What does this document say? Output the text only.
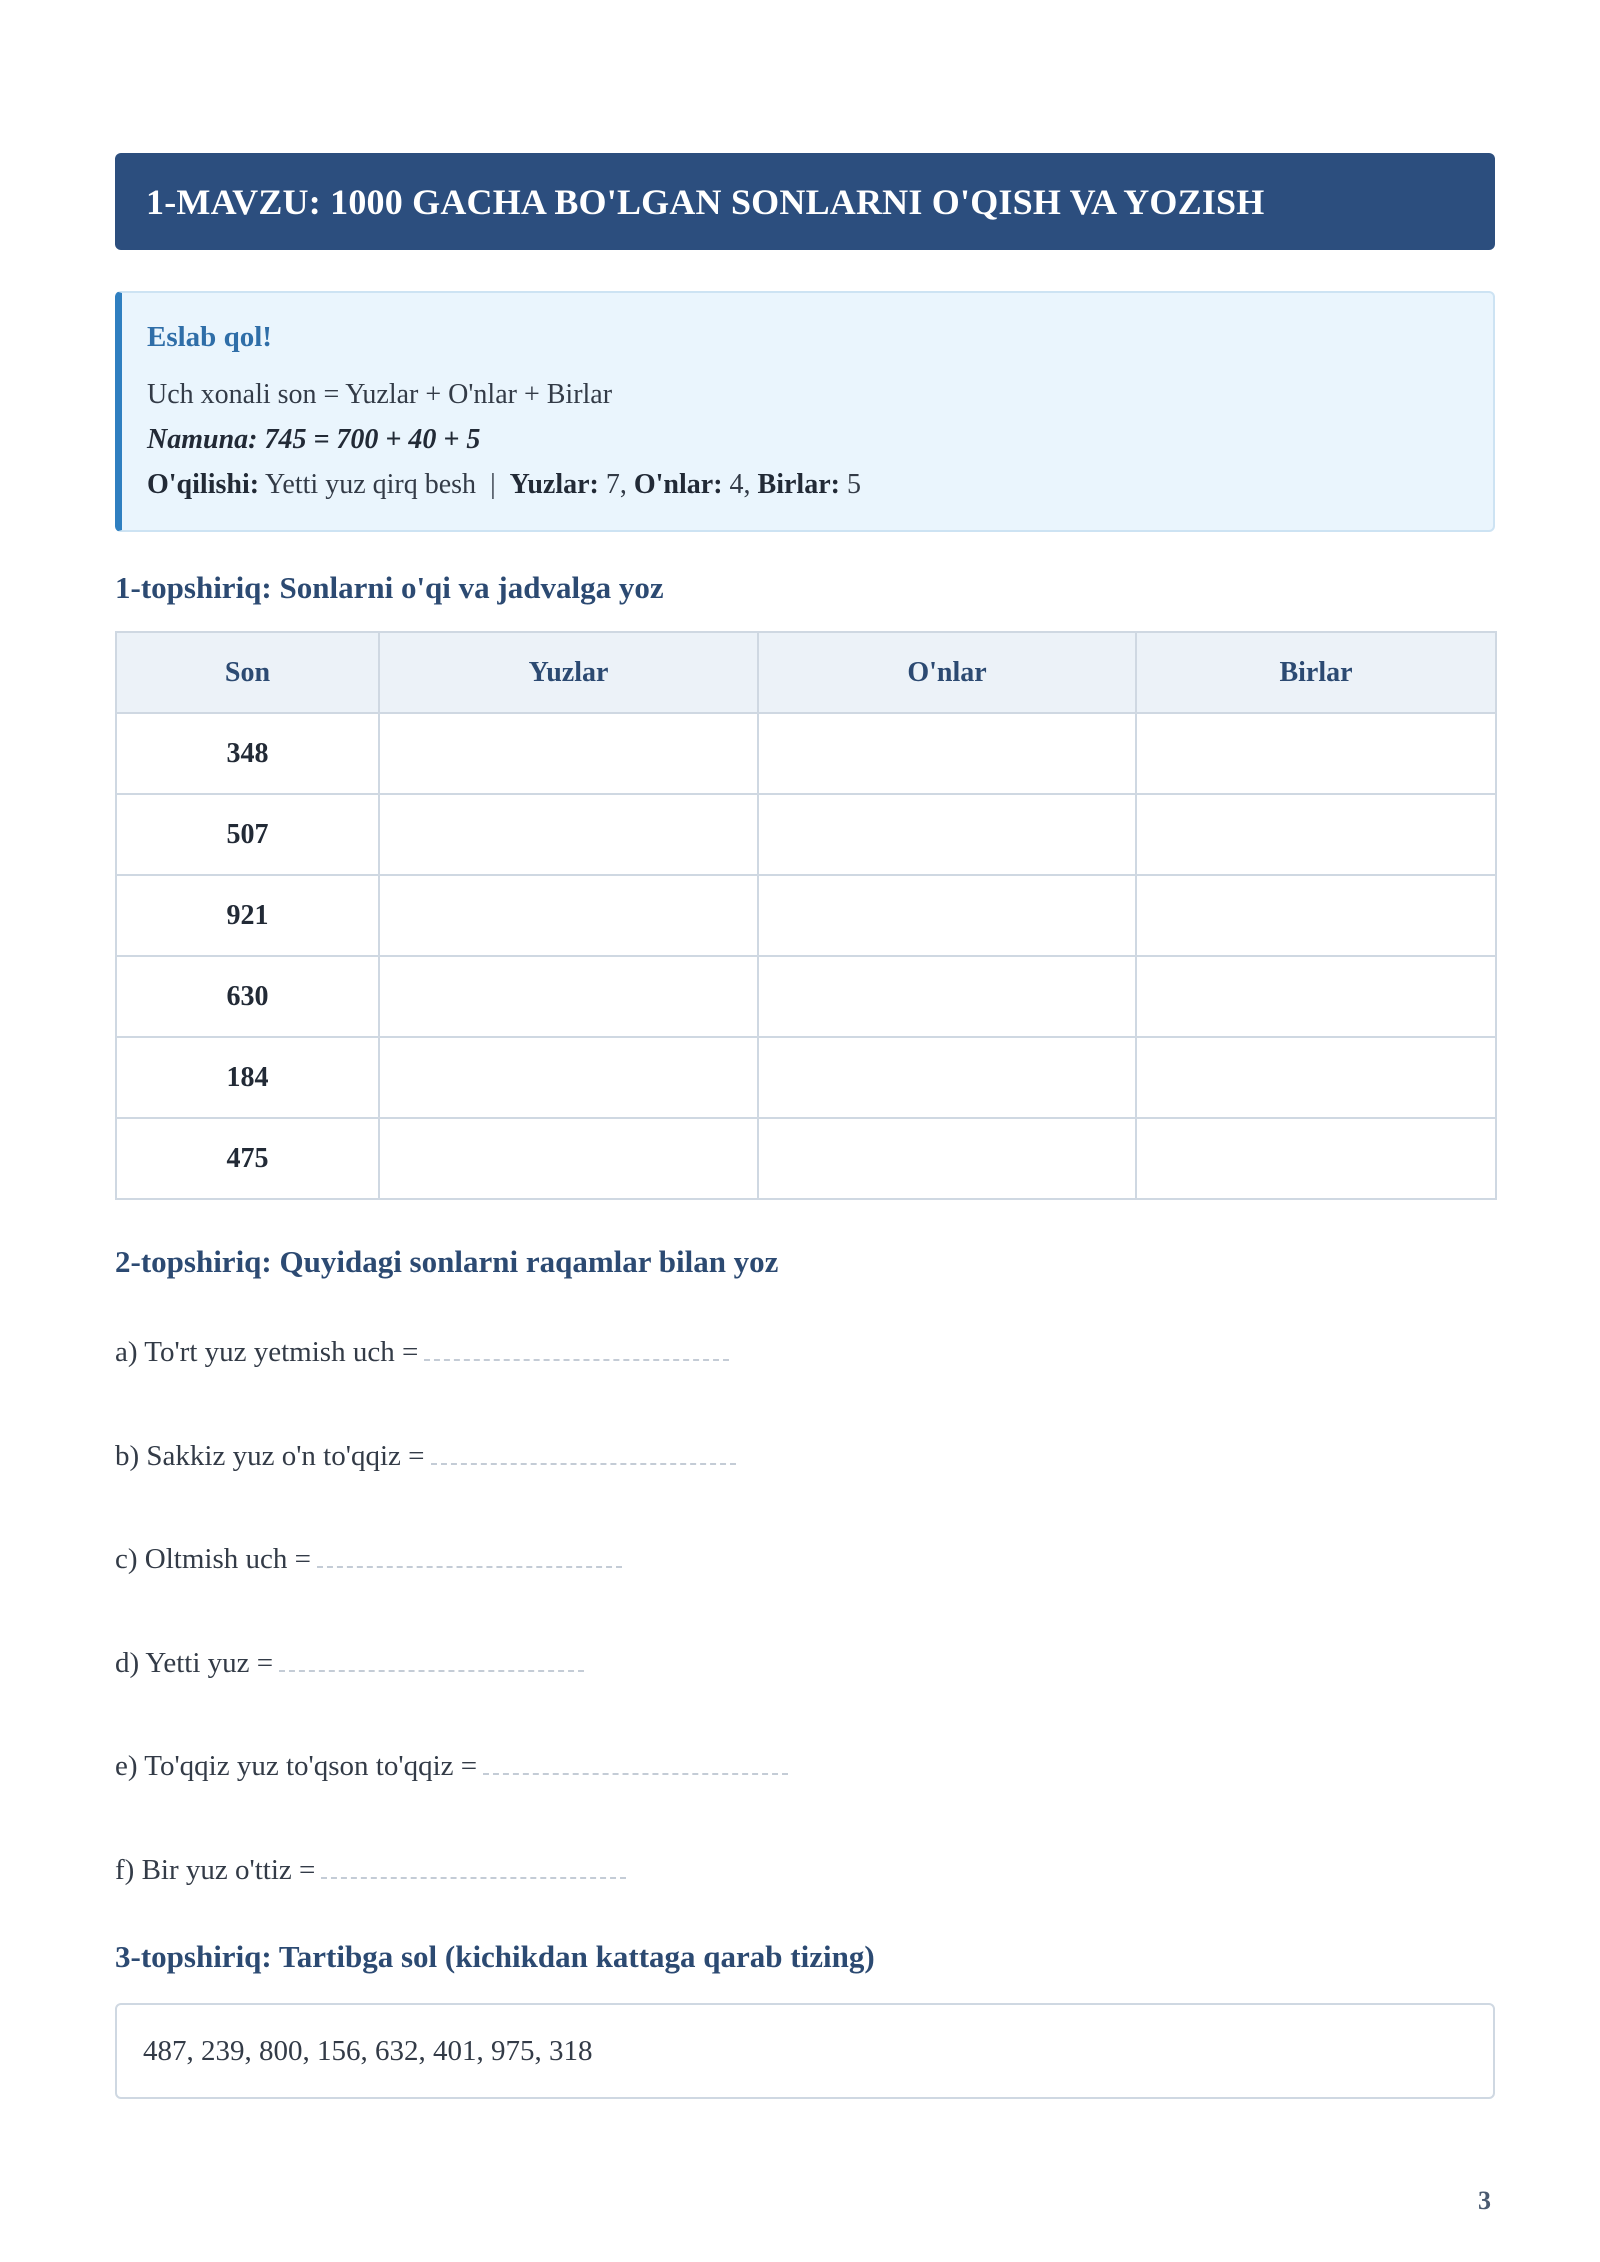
1-MAVZU: 1000 GACHA BO'LGAN SONLARNI O'QISH VA YOZISH
Eslab qol!
Uch xonali son = Yuzlar + O'nlar + Birlar
Namuna: 745 = 700 + 40 + 5
O'qilishi: Yetti yuz qirq besh | Yuzlar: 7, O'nlar: 4, Birlar: 5
1-topshiriq: Sonlarni o'qi va jadvalga yoz
Son	Yuzlar	O'nlar	Birlar
348			
507			
921			
630			
184			
475			
2-topshiriq: Quyidagi sonlarni raqamlar bilan yoz
a) To'rt yuz yetmish uch =
b) Sakkiz yuz o'n to'qqiz =
c) Oltmish uch =
d) Yetti yuz =
e) To'qqiz yuz to'qson to'qqiz =
f) Bir yuz o'ttiz =
3-topshiriq: Tartibga sol (kichikdan kattaga qarab tizing)
487, 239, 800, 156, 632, 401, 975, 318
3
